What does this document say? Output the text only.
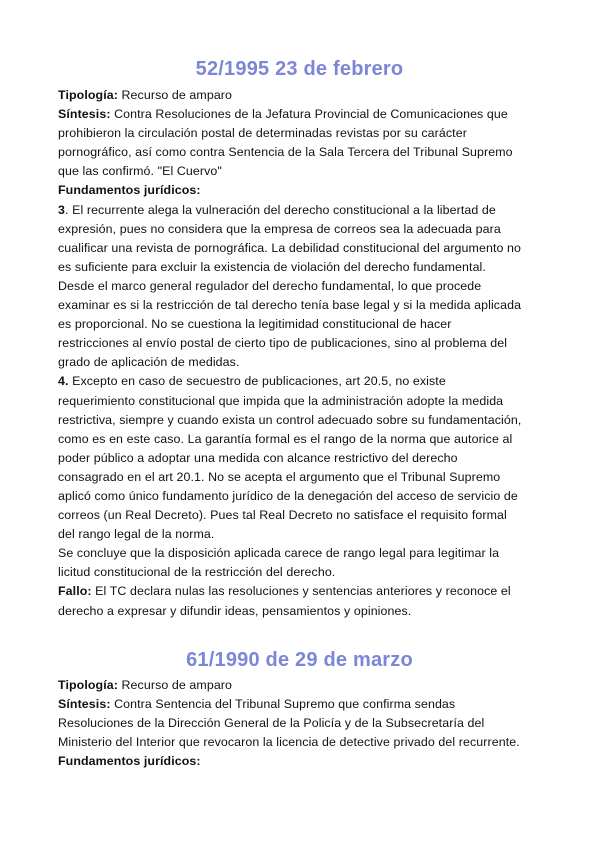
52/1995 23 de febrero
Tipología: Recurso de amparo
Síntesis: Contra Resoluciones de la Jefatura Provincial de Comunicaciones que
prohibieron la circulación postal de determinadas revistas por su carácter
pornográfico, así como contra Sentencia de la Sala Tercera del Tribunal Supremo
que las confirmó. "El Cuervo"
Fundamentos jurídicos:
3. El recurrente alega la vulneración del derecho constitucional a la libertad de
expresión, pues no considera que la empresa de correos sea la adecuada para
cualificar una revista de pornográfica. La debilidad constitucional del argumento no
es suficiente para excluir la existencia de violación del derecho fundamental.
Desde el marco general regulador del derecho fundamental, lo que procede
examinar es si la restricción de tal derecho tenía base legal y si la medida aplicada
es proporcional. No se cuestiona la legitimidad constitucional de hacer
restricciones al envío postal de cierto tipo de publicaciones, sino al problema del
grado de aplicación de medidas.
4. Excepto en caso de secuestro de publicaciones, art 20.5, no existe
requerimiento constitucional que impida que la administración adopte la medida
restrictiva, siempre y cuando exista un control adecuado sobre su fundamentación,
como es en este caso. La garantía formal es el rango de la norma que autorice al
poder público a adoptar una medida con alcance restrictivo del derecho
consagrado en el art 20.1. No se acepta el argumento que el Tribunal Supremo
aplicó como único fundamento jurídico de la denegación del acceso de servicio de
correos (un Real Decreto). Pues tal Real Decreto no satisface el requisito formal
del rango legal de la norma.
Se concluye que la disposición aplicada carece de rango legal para legitimar la
licitud constitucional de la restricción del derecho.
Fallo: El TC declara nulas las resoluciones y sentencias anteriores y reconoce el
derecho a expresar y difundir ideas, pensamientos y opiniones.
61/1990 de 29 de marzo
Tipología: Recurso de amparo
Síntesis: Contra Sentencia del Tribunal Supremo que confirma sendas
Resoluciones de la Dirección General de la Policía y de la Subsecretaría del
Ministerio del Interior que revocaron la licencia de detective privado del recurrente.
Fundamentos jurídicos:
